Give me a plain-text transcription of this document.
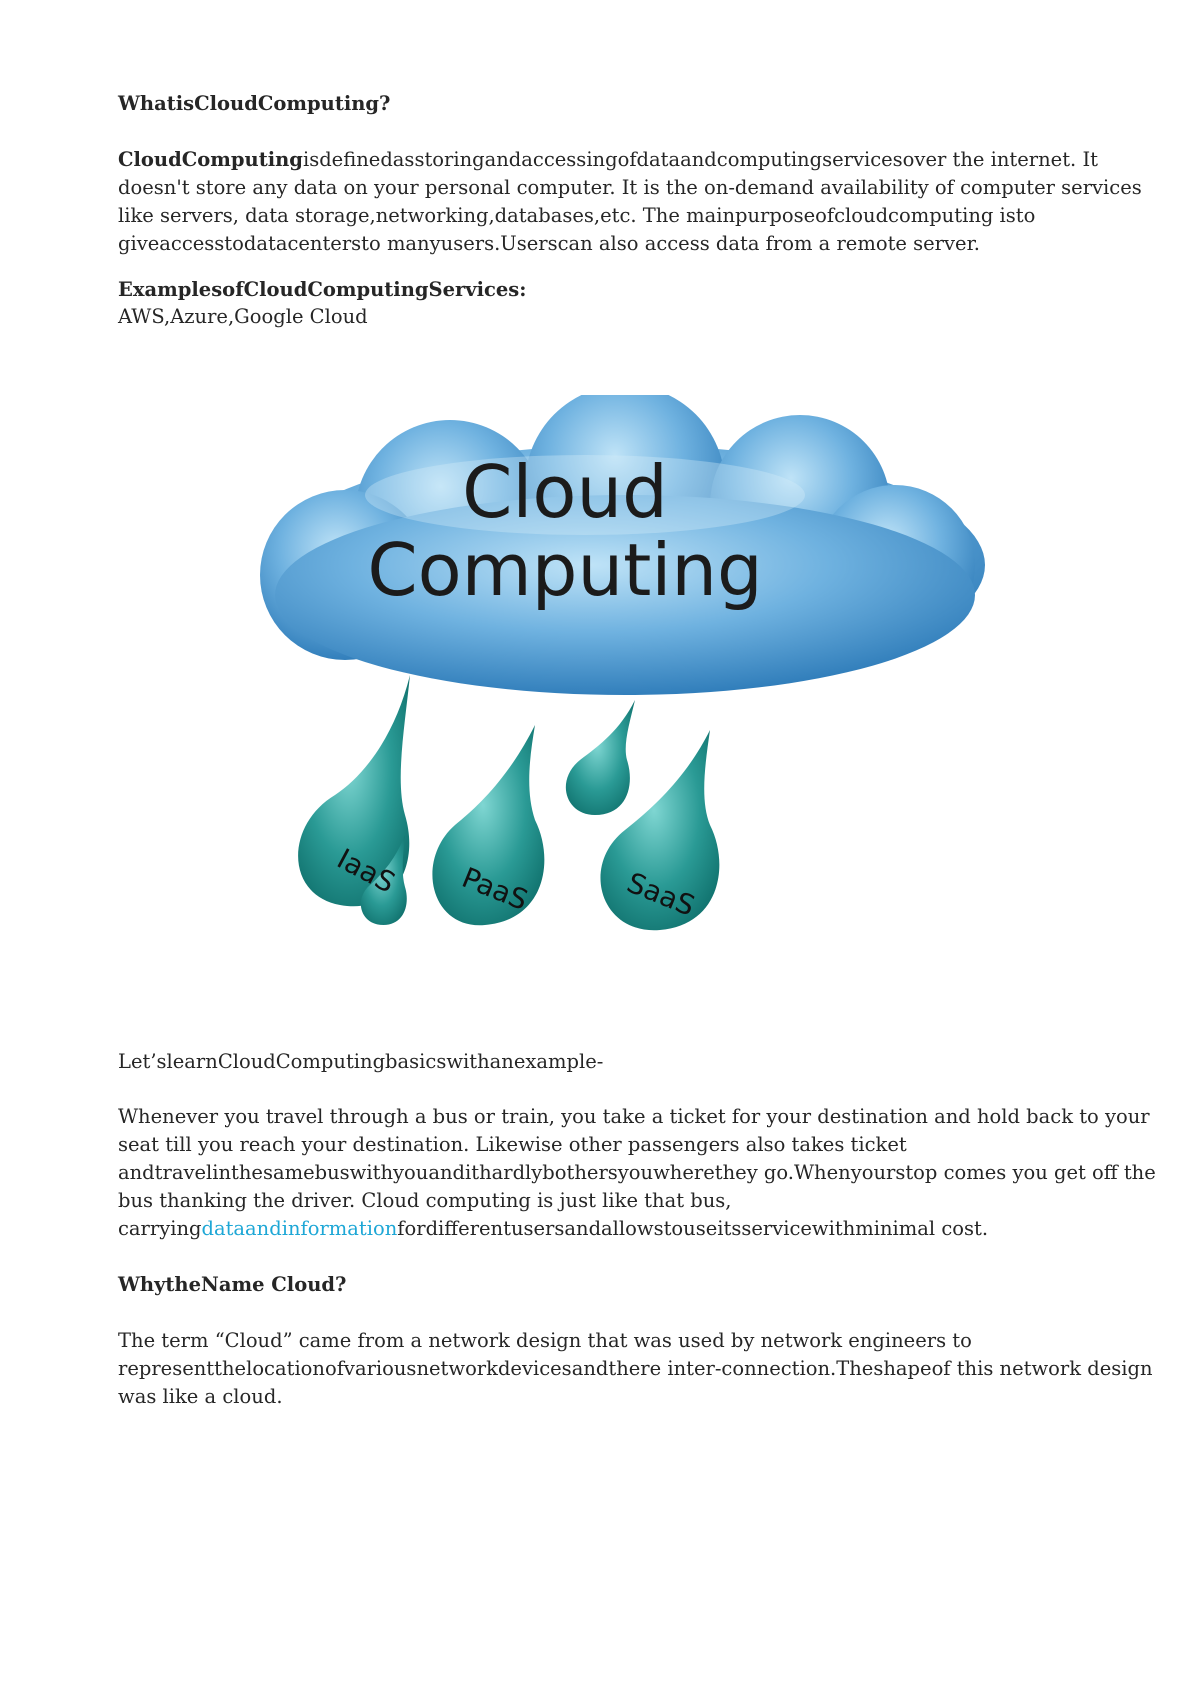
WhatisCloudComputing?
CloudComputingisdefinedasstoringandaccessingofdataandcomputingservicesover the internet. It
doesn't store any data on your personal computer. It is the on-demand availability of computer services
like servers, data storage,networking,databases,etc. The mainpurposeofcloudcomputing isto
giveaccesstodatacentersto manyusers.Userscan also access data from a remote server.
ExamplesofCloudComputingServices:
AWS,Azure,Google Cloud
Cloud
Computing
IaaS PaaS	SaaS
Let’slearnCloudComputingbasicswithanexample-
Whenever you travel through a bus or train, you take a ticket for your destination and hold back to your
seat till you reach your destination. Likewise other passengers also takes ticket
andtravelinthesamebuswithyouandithardlybothersyouwherethey go.Whenyourstop comes you get off the
bus thanking the driver. Cloud computing is just like that bus,
carryingdataandinformationfordifferentusersandallowstouseitsservicewithminimal cost.
WhytheName Cloud?
The term “Cloud” came from a network design that was used by network engineers to
representthelocationofvariousnetworkdevicesandthere inter-connection.Theshapeof this network design
was like a cloud.
